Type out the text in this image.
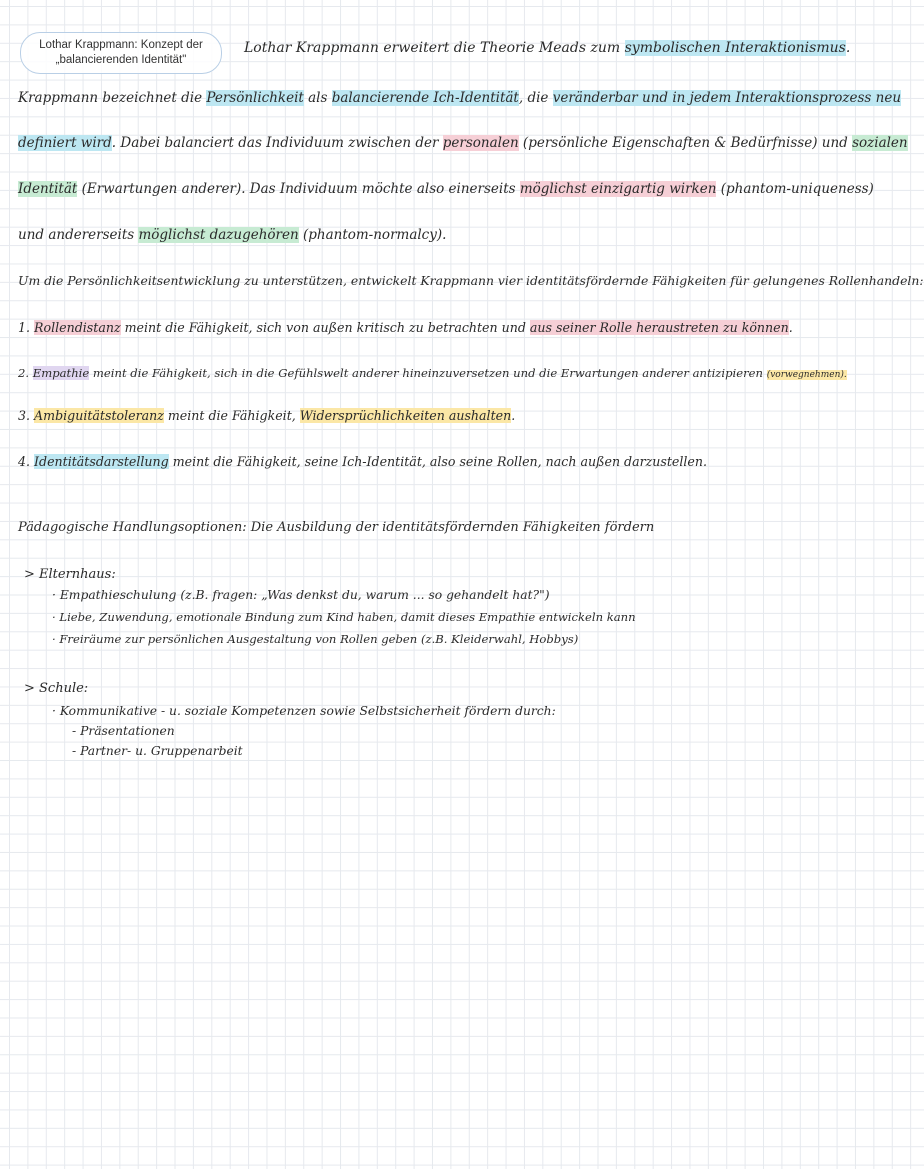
Lothar Krappmann: Konzept der
„balancierenden Identität"
Lothar Krappmann erweitert die Theorie Meads zum symbolischen Interaktionismus.
Krappmann bezeichnet die Persönlichkeit als balancierende Ich-Identität, die veränderbar und in jedem Interaktionsprozess neu
definiert wird. Dabei balanciert das Individuum zwischen der personalen (persönliche Eigenschaften & Bedürfnisse) und sozialen
Identität (Erwartungen anderer). Das Individuum möchte also einerseits möglichst einzigartig wirken (phantom-uniqueness)
und andererseits möglichst dazugehören (phantom-normalcy).
Um die Persönlichkeitsentwicklung zu unterstützen, entwickelt Krappmann vier identitätsfördernde Fähigkeiten für gelungenes Rollenhandeln:
1. Rollendistanz meint die Fähigkeit, sich von außen kritisch zu betrachten und aus seiner Rolle heraustreten zu können.
2. Empathie meint die Fähigkeit, sich in die Gefühlswelt anderer hineinzuversetzen und die Erwartungen anderer antizipieren (vorwegnehmen).
3. Ambiguitätstoleranz meint die Fähigkeit, Widersprüchlichkeiten aushalten.
4. Identitätsdarstellung meint die Fähigkeit, seine Ich-Identität, also seine Rollen, nach außen darzustellen.
Pädagogische Handlungsoptionen: Die Ausbildung der identitätsfördernden Fähigkeiten fördern
> Elternhaus:
· Empathieschulung (z.B. fragen: „Was denkst du, warum ... so gehandelt hat?")
· Liebe, Zuwendung, emotionale Bindung zum Kind haben, damit dieses Empathie entwickeln kann
· Freiräume zur persönlichen Ausgestaltung von Rollen geben (z.B. Kleiderwahl, Hobbys)
> Schule:
· Kommunikative - u. soziale Kompetenzen sowie Selbstsicherheit fördern durch:
- Präsentationen
- Partner- u. Gruppenarbeit
